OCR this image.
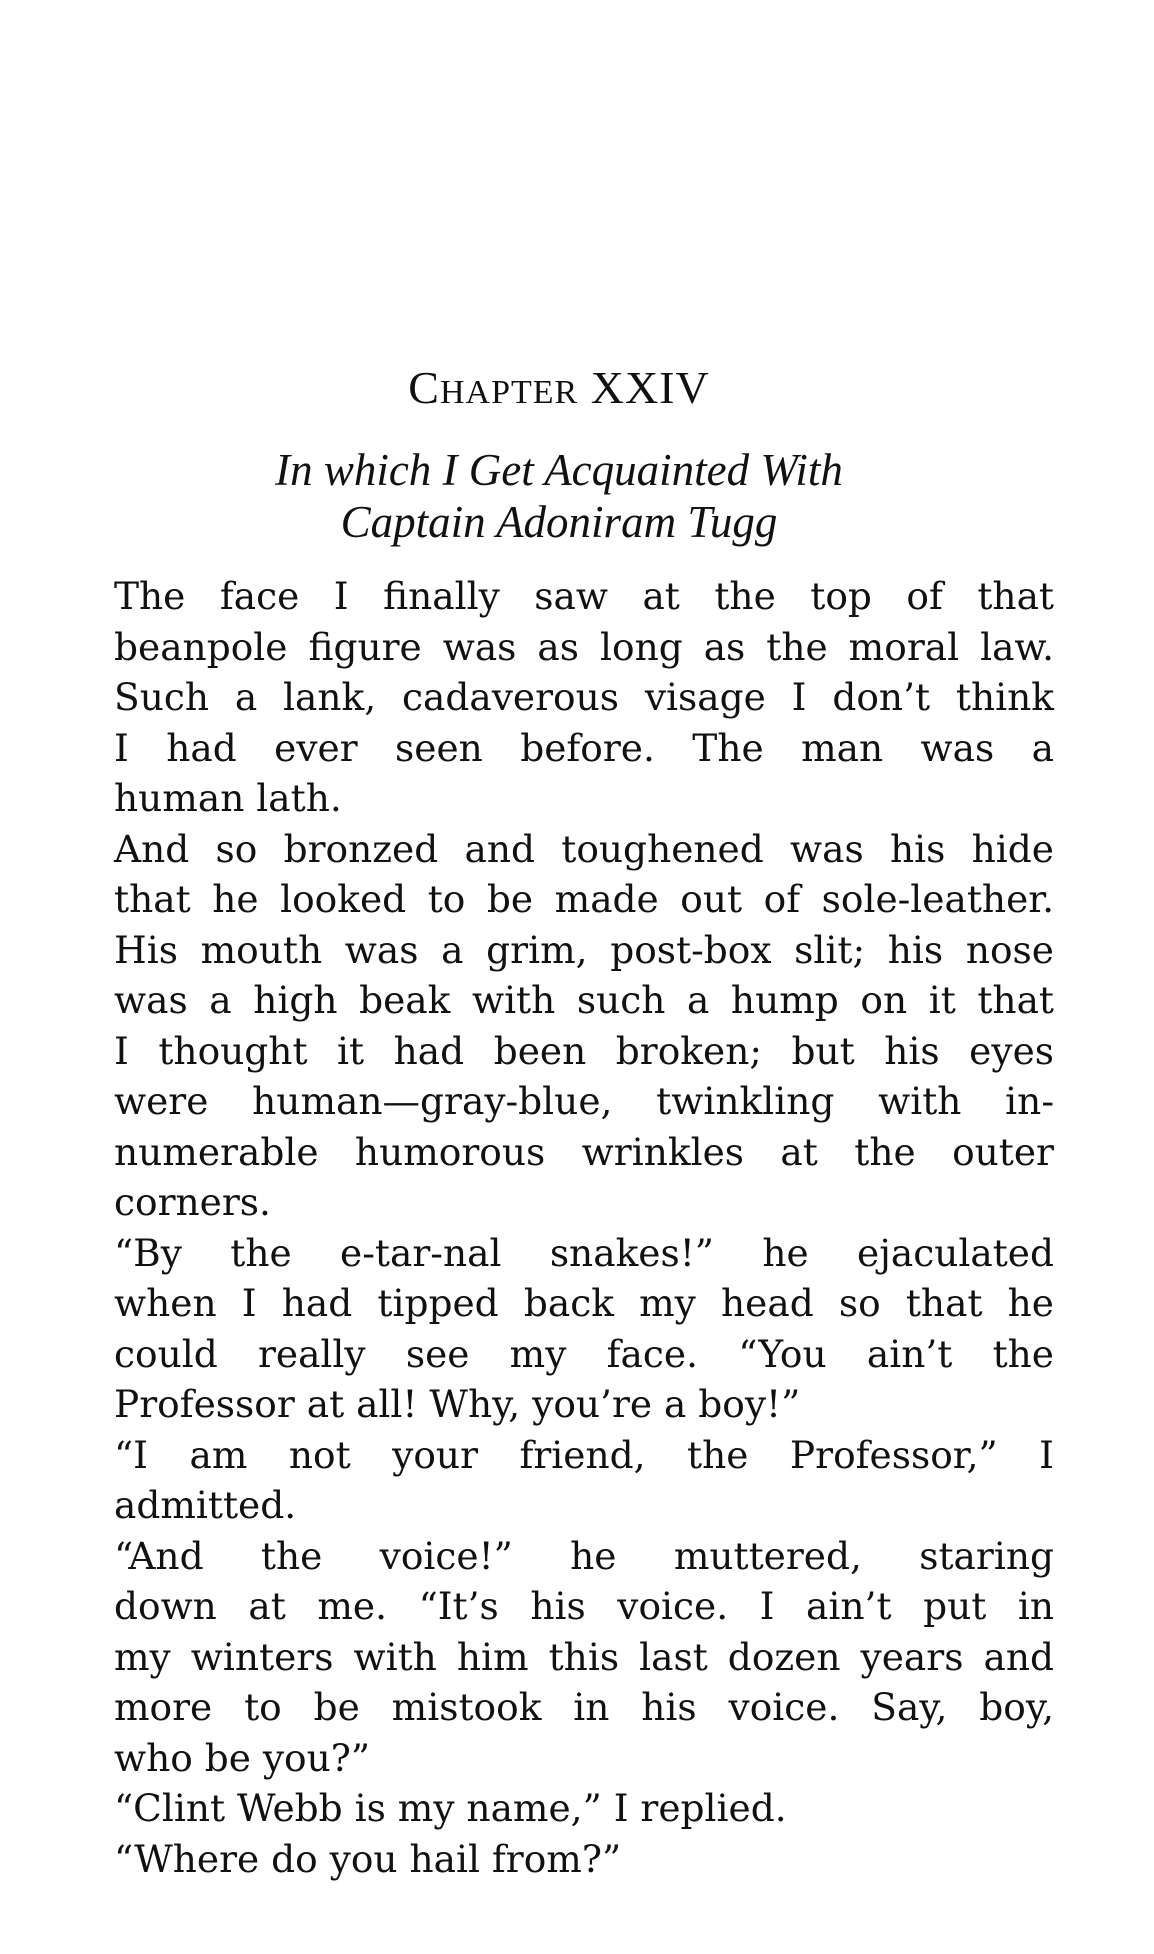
CHAPTER XXIV
In which I Get Acquainted With
Captain Adoniram Tugg

The face I finally saw at the top of that
beanpole figure was as long as the moral law.
Such a lank, cadaverous visage I don’t think
I had ever seen before. The man was a
human lath.

And so bronzed and toughened was his hide
that he looked to be made out of sole-leather.
His mouth was a grim, post-box slit; his nose
was a high beak with such a hump on it that
I thought it had been broken; but his eyes
were human—gray-blue, twinkling with in-
numerable humorous wrinkles at the outer
corners.

“By the e-tar-nal snakes!” he ejaculated
when I had tipped back my head so that he
could really see my face. “You ain’t the
Professor at all! Why, you’re a boy!”

“I am not your friend, the Professor,” I
admitted.

“And the voice!” he muttered, staring
down at me. “It’s his voice. I ain’t put in
my winters with him this last dozen years and
more to be mistook in his voice. Say, boy,
who be you?”

“Clint Webb is my name,” I replied.

“Where do you hail from?”
